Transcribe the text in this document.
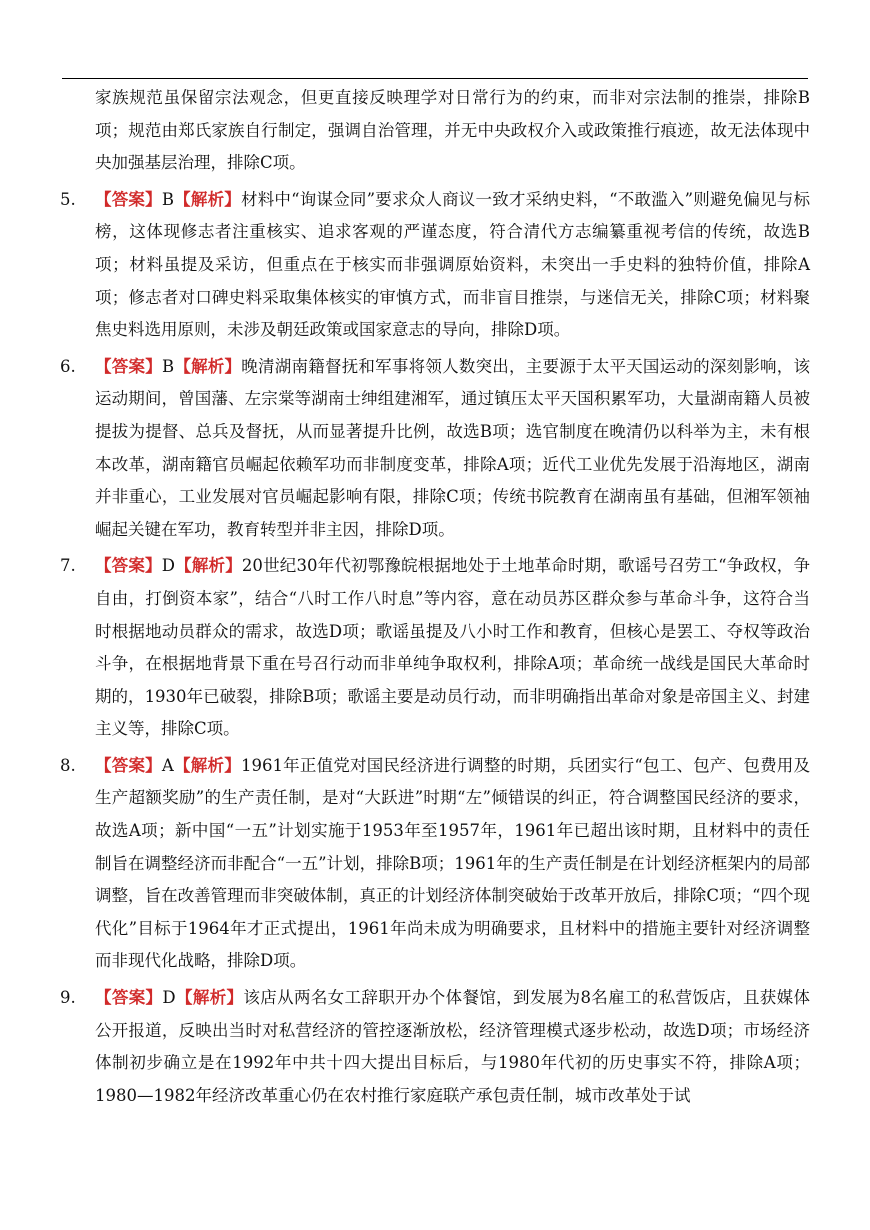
家族规范虽保留宗法观念，但更直接反映理学对日常行为的约束，而非对宗法制的推崇，排除B项；规范由郑氏家族自行制定，强调自治管理，并无中央政权介入或政策推行痕迹，故无法体现中央加强基层治理，排除C项。

5.	【答案】B【解析】材料中“询谋佥同”要求众人商议一致才采纳史料，“不敢滥入”则避免偏见与标榜，这体现修志者注重核实、追求客观的严谨态度，符合清代方志编纂重视考信的传统，故选B项；材料虽提及采访，但重点在于核实而非强调原始资料，未突出一手史料的独特价值，排除A项；修志者对口碑史料采取集体核实的审慎方式，而非盲目推崇，与迷信无关，排除C项；材料聚焦史料选用原则，未涉及朝廷政策或国家意志的导向，排除D项。

6.	【答案】B【解析】晚清湖南籍督抚和军事将领人数突出，主要源于太平天国运动的深刻影响，该运动期间，曾国藩、左宗棠等湖南士绅组建湘军，通过镇压太平天国积累军功，大量湖南籍人员被提拔为提督、总兵及督抚，从而显著提升比例，故选B项；选官制度在晚清仍以科举为主，未有根本改革，湖南籍官员崛起依赖军功而非制度变革，排除A项；近代工业优先发展于沿海地区，湖南并非重心，工业发展对官员崛起影响有限，排除C项；传统书院教育在湖南虽有基础，但湘军领袖崛起关键在军功，教育转型并非主因，排除D项。

7.	【答案】D【解析】20世纪30年代初鄂豫皖根据地处于土地革命时期，歌谣号召劳工“争政权，争自由，打倒资本家”，结合“八时工作八时息”等内容，意在动员苏区群众参与革命斗争，这符合当时根据地动员群众的需求，故选D项；歌谣虽提及八小时工作和教育，但核心是罢工、夺权等政治斗争，在根据地背景下重在号召行动而非单纯争取权利，排除A项；革命统一战线是国民大革命时期的，1930年已破裂，排除B项；歌谣主要是动员行动，而非明确指出革命对象是帝国主义、封建主义等，排除C项。

8.	【答案】A【解析】1961年正值党对国民经济进行调整的时期，兵团实行“包工、包产、包费用及生产超额奖励”的生产责任制，是对“大跃进”时期“左”倾错误的纠正，符合调整国民经济的要求，故选A项；新中国“一五”计划实施于1953年至1957年，1961年已超出该时期，且材料中的责任制旨在调整经济而非配合“一五”计划，排除B项；1961年的生产责任制是在计划经济框架内的局部调整，旨在改善管理而非突破体制，真正的计划经济体制突破始于改革开放后，排除C项；“四个现代化”目标于1964年才正式提出，1961年尚未成为明确要求，且材料中的措施主要针对经济调整而非现代化战略，排除D项。

9.	【答案】D【解析】该店从两名女工辞职开办个体餐馆，到发展为8名雇工的私营饭店，且获媒体公开报道，反映出当时对私营经济的管控逐渐放松，经济管理模式逐步松动，故选D项；市场经济体制初步确立是在1992年中共十四大提出目标后，与1980年代初的历史事实不符，排除A项；1980—1982年经济改革重心仍在农村推行家庭联产承包责任制，城市改革处于试
